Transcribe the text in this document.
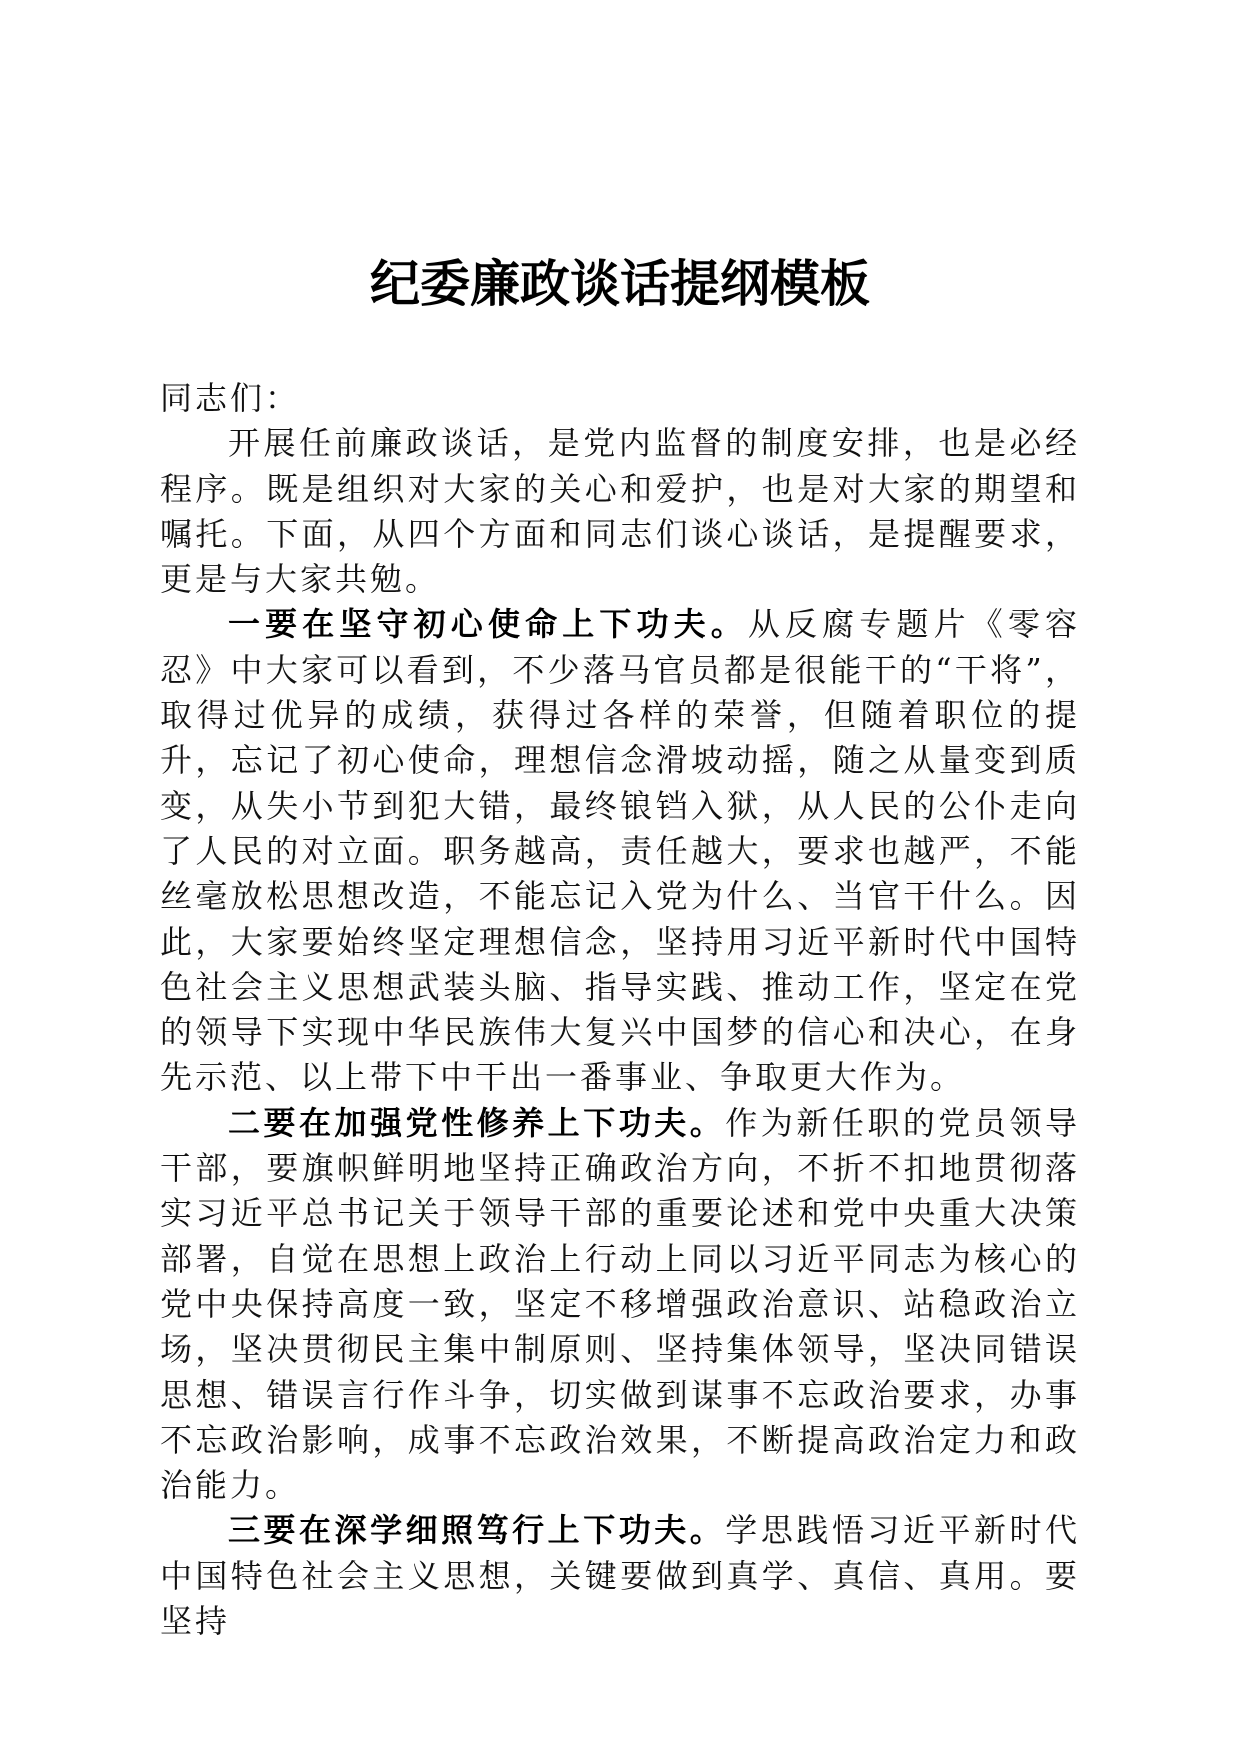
纪委廉政谈话提纲模板

同志们：

开展任前廉政谈话，是党内监督的制度安排，也是必经程序。既是组织对大家的关心和爱护，也是对大家的期望和嘱托。下面，从四个方面和同志们谈心谈话，是提醒要求，更是与大家共勉。

一要在坚守初心使命上下功夫。从反腐专题片《零容忍》中大家可以看到，不少落马官员都是很能干的“干将”，取得过优异的成绩，获得过各样的荣誉，但随着职位的提升，忘记了初心使命，理想信念滑坡动摇，随之从量变到质变，从失小节到犯大错，最终锒铛入狱，从人民的公仆走向了人民的对立面。职务越高，责任越大，要求也越严，不能丝毫放松思想改造，不能忘记入党为什么、当官干什么。因此，大家要始终坚定理想信念，坚持用习近平新时代中国特色社会主义思想武装头脑、指导实践、推动工作，坚定在党的领导下实现中华民族伟大复兴中国梦的信心和决心，在身先示范、以上带下中干出一番事业、争取更大作为。

二要在加强党性修养上下功夫。作为新任职的党员领导干部，要旗帜鲜明地坚持正确政治方向，不折不扣地贯彻落实习近平总书记关于领导干部的重要论述和党中央重大决策部署，自觉在思想上政治上行动上同以习近平同志为核心的党中央保持高度一致，坚定不移增强政治意识、站稳政治立场，坚决贯彻民主集中制原则、坚持集体领导，坚决同错误思想、错误言行作斗争，切实做到谋事不忘政治要求，办事不忘政治影响，成事不忘政治效果，不断提高政治定力和政治能力。

三要在深学细照笃行上下功夫。学思践悟习近平新时代中国特色社会主义思想，关键要做到真学、真信、真用。要坚持
